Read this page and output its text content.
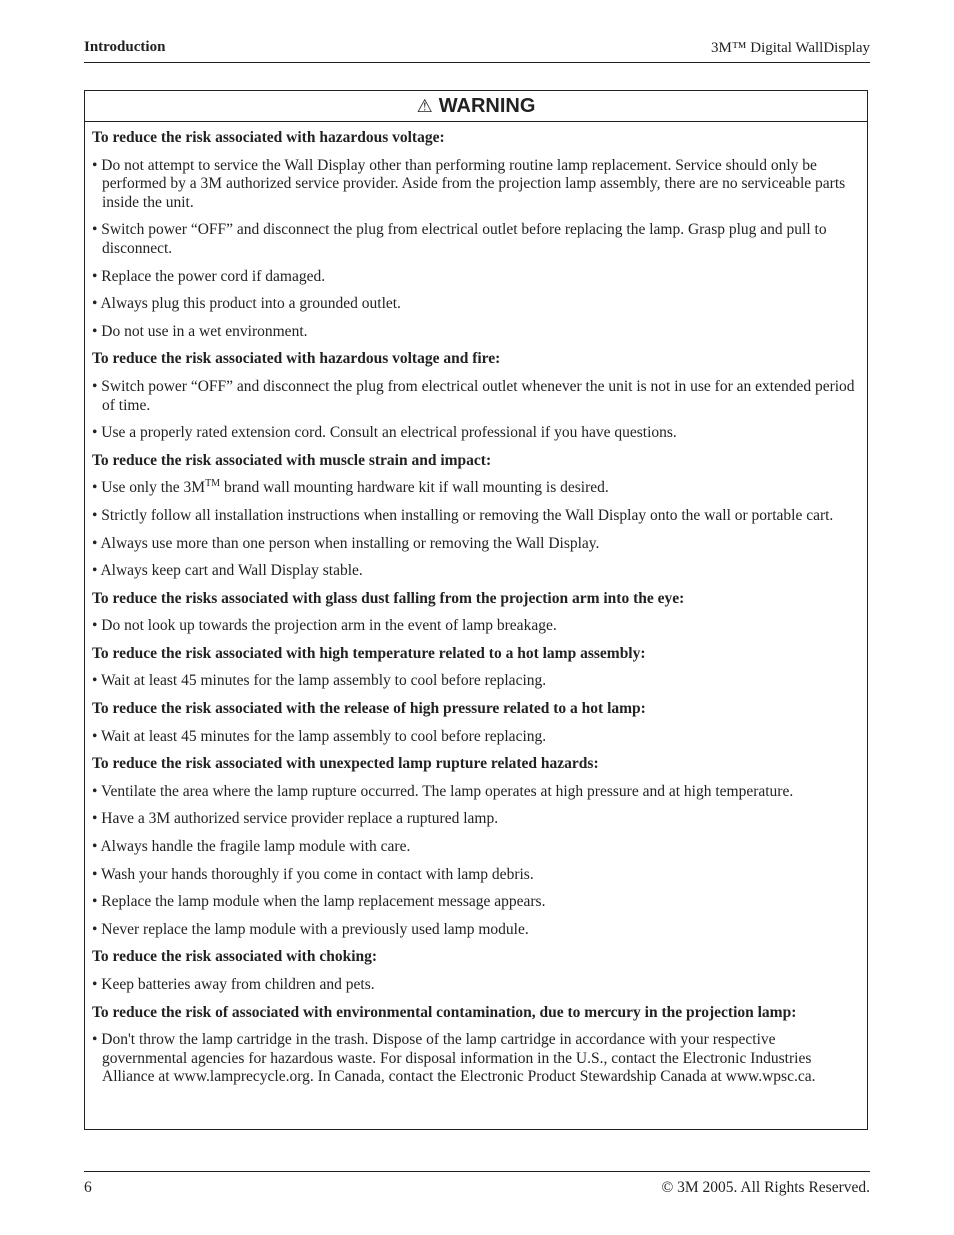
Introduction	3M™ Digital WallDisplay
⚠ WARNING

To reduce the risk associated with hazardous voltage:

• Do not attempt to service the Wall Display other than performing routine lamp replacement. Service should only be performed by a 3M authorized service provider. Aside from the projection lamp assembly, there are no serviceable parts inside the unit.

• Switch power “OFF” and disconnect the plug from electrical outlet before replacing the lamp. Grasp plug and pull to disconnect.

• Replace the power cord if damaged.

• Always plug this product into a grounded outlet.

• Do not use in a wet environment.

To reduce the risk associated with hazardous voltage and fire:

• Switch power “OFF” and disconnect the plug from electrical outlet whenever the unit is not in use for an extended period of time.

• Use a properly rated extension cord. Consult an electrical professional if you have questions.

To reduce the risk associated with muscle strain and impact:

• Use only the 3M™ brand wall mounting hardware kit if wall mounting is desired.

• Strictly follow all installation instructions when installing or removing the Wall Display onto the wall or portable cart.

• Always use more than one person when installing or removing the Wall Display.

• Always keep cart and Wall Display stable.

To reduce the risks associated with glass dust falling from the projection arm into the eye:

• Do not look up towards the projection arm in the event of lamp breakage.

To reduce the risk associated with high temperature related to a hot lamp assembly:

• Wait at least 45 minutes for the lamp assembly to cool before replacing.

To reduce the risk associated with the release of high pressure related to a hot lamp:

• Wait at least 45 minutes for the lamp assembly to cool before replacing.

To reduce the risk associated with unexpected lamp rupture related hazards:

• Ventilate the area where the lamp rupture occurred. The lamp operates at high pressure and at high temperature.

• Have a 3M authorized service provider replace a ruptured lamp.

• Always handle the fragile lamp module with care.

• Wash your hands thoroughly if you come in contact with lamp debris.

• Replace the lamp module when the lamp replacement message appears.

• Never replace the lamp module with a previously used lamp module.

To reduce the risk associated with choking:

• Keep batteries away from children and pets.

To reduce the risk of associated with environmental contamination, due to mercury in the projection lamp:

• Don't throw the lamp cartridge in the trash. Dispose of the lamp cartridge in accordance with your respective governmental agencies for hazardous waste. For disposal information in the U.S., contact the Electronic Industries Alliance at www.lamprecycle.org. In Canada, contact the Electronic Product Stewardship Canada at www.wpsc.ca.

6	© 3M 2005. All Rights Reserved.
